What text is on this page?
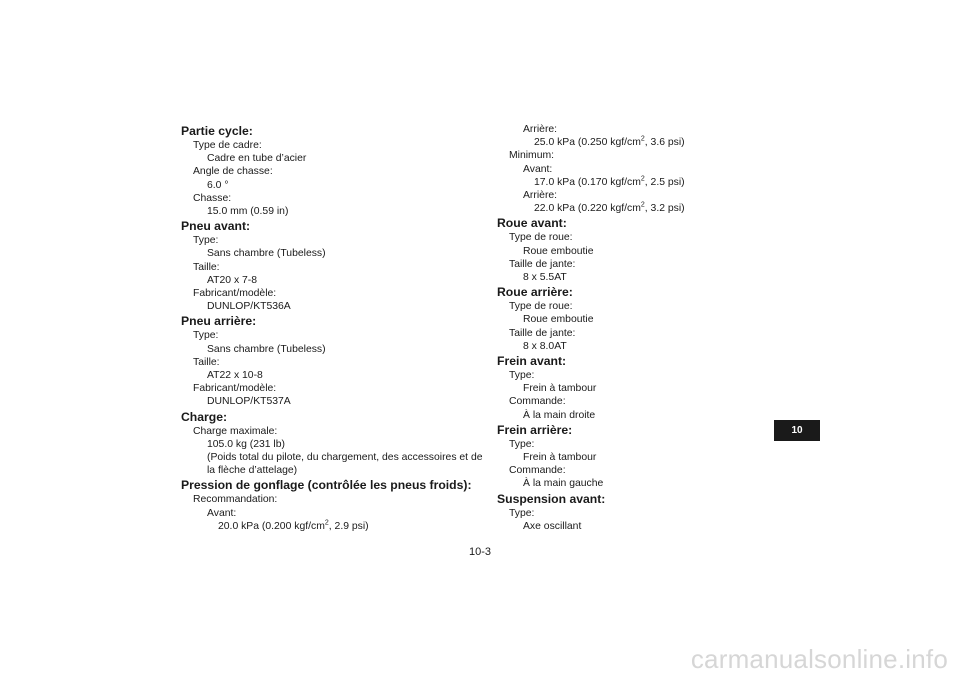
Partie cycle:
Type de cadre:
Cadre en tube d’acier
Angle de chasse:
6.0 °
Chasse:
15.0 mm (0.59 in)
Pneu avant:
Type:
Sans chambre (Tubeless)
Taille:
AT20 x 7-8
Fabricant/modèle:
DUNLOP/KT536A
Pneu arrière:
Type:
Sans chambre (Tubeless)
Taille:
AT22 x 10-8
Fabricant/modèle:
DUNLOP/KT537A
Charge:
Charge maximale:
105.0 kg (231 lb)
(Poids total du pilote, du chargement, des accessoires et de la flèche d’attelage)
Pression de gonflage (contrôlée les pneus froids):
Recommandation:
Avant:
20.0 kPa (0.200 kgf/$cm^2$, 2.9 psi)
Arrière:
25.0 kPa (0.250 kgf/$cm^2$, 3.6 psi)
Minimum:
Avant:
17.0 kPa (0.170 kgf/$cm^2$, 2.5 psi)
Arrière:
22.0 kPa (0.220 kgf/$cm^2$, 3.2 psi)
Roue avant:
Type de roue:
Roue emboutie
Taille de jante:
8 x 5.5AT
Roue arrière:
Type de roue:
Roue emboutie
Taille de jante:
8 x 8.0AT
Frein avant:
Type:
Frein à tambour
Commande:
À la main droite
Frein arrière:
Type:
Frein à tambour
Commande:
À la main gauche
Suspension avant:
Type:
Axe oscillant
10
10-3
carmanualsonline.info
